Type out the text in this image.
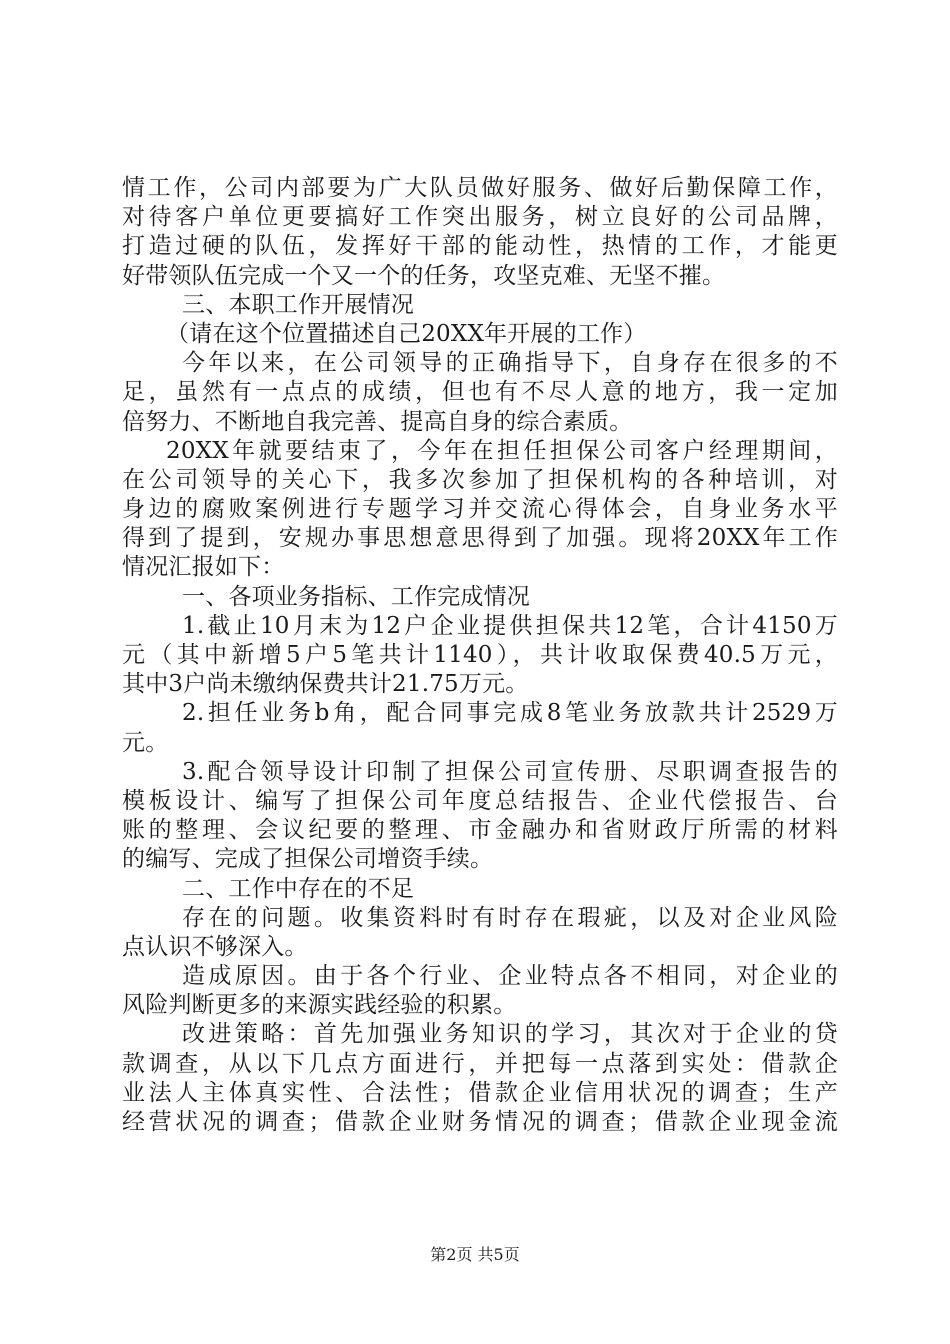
情工作，公司内部要为广大队员做好服务、做好后勤保障工作，
对待客户单位更要搞好工作突出服务，树立良好的公司品牌，
打造过硬的队伍，发挥好干部的能动性，热情的工作，才能更
好带领队伍完成一个又一个的任务，攻坚克难、无坚不摧。
三、本职工作开展情况
（请在这个位置描述自己20XX年开展的工作）
今年以来，在公司领导的正确指导下，自身存在很多的不
足，虽然有一点点的成绩，但也有不尽人意的地方，我一定加
倍努力、不断地自我完善、提高自身的综合素质。
20XX年就要结束了，今年在担任担保公司客户经理期间，
在公司领导的关心下，我多次参加了担保机构的各种培训，对
身边的腐败案例进行专题学习并交流心得体会，自身业务水平
得到了提到，安规办事思想意思得到了加强。现将20XX年工作
情况汇报如下：
一、各项业务指标、工作完成情况
1.截止10月末为12户企业提供担保共12笔，合计4150万
元（其中新增5户5笔共计1140），共计收取保费40.5万元，
其中3户尚未缴纳保费共计21.75万元。
2.担任业务b角，配合同事完成8笔业务放款共计2529万
元。
3.配合领导设计印制了担保公司宣传册、尽职调查报告的
模板设计、编写了担保公司年度总结报告、企业代偿报告、台
账的整理、会议纪要的整理、市金融办和省财政厅所需的材料
的编写、完成了担保公司增资手续。
二、工作中存在的不足
存在的问题。收集资料时有时存在瑕疵，以及对企业风险
点认识不够深入。
造成原因。由于各个行业、企业特点各不相同，对企业的
风险判断更多的来源实践经验的积累。
改进策略：首先加强业务知识的学习，其次对于企业的贷
款调查，从以下几点方面进行，并把每一点落到实处：借款企
业法人主体真实性、合法性；借款企业信用状况的调查；生产
经营状况的调查；借款企业财务情况的调查；借款企业现金流
第2页 共5页
